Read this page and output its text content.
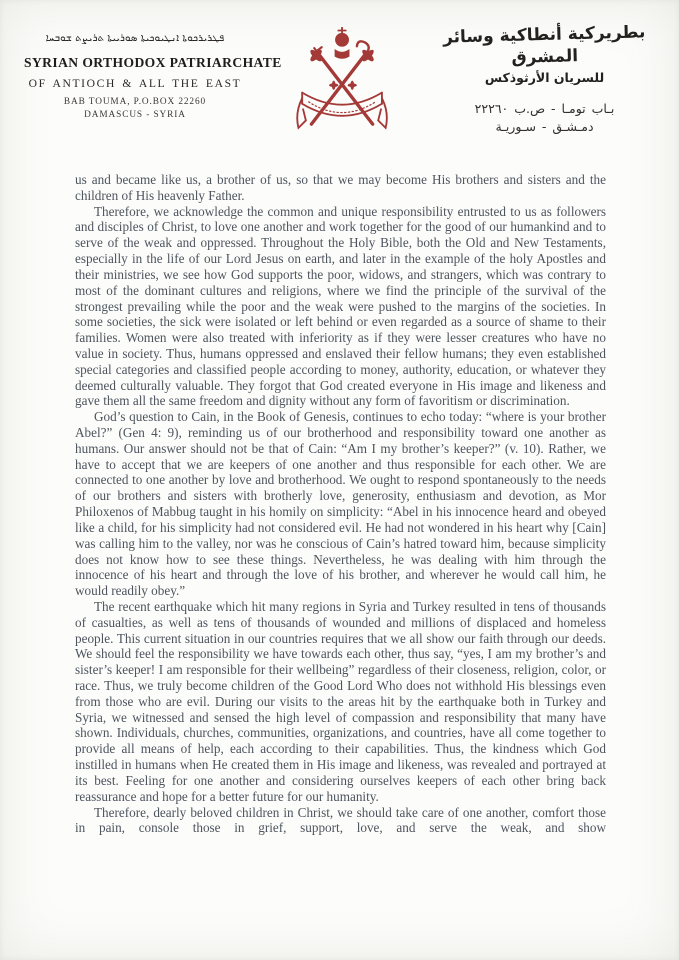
ܦܛܪܝܪܟܘܬܐ ܐܢܛܝܘܟܝܬܐ ܣܘܪܝܝܬܐ ܬܪܝܨܬ ܫܘܒܚܐ
SYRIAN ORTHODOX PATRIARCHATE
OF ANTIOCH & ALL THE EAST
BAB TOUMA, P.O.BOX 22260
DAMASCUS - SYRIA
بطريركية أنطاكية وسائر المشرق
للسريان الأرثوذكس
بـاب تومـا - ص.ب ٢٢٢٦٠
دمـشـق - سـوريـة

us and became like us, a brother of us, so that we may become His brothers and sisters and the children of His heavenly Father.

Therefore, we acknowledge the common and unique responsibility entrusted to us as followers and disciples of Christ, to love one another and work together for the good of our humankind and to serve of the weak and oppressed. Throughout the Holy Bible, both the Old and New Testaments, especially in the life of our Lord Jesus on earth, and later in the example of the holy Apostles and their ministries, we see how God supports the poor, widows, and strangers, which was contrary to most of the dominant cultures and religions, where we find the principle of the survival of the strongest prevailing while the poor and the weak were pushed to the margins of the societies. In some societies, the sick were isolated or left behind or even regarded as a source of shame to their families. Women were also treated with inferiority as if they were lesser creatures who have no value in society. Thus, humans oppressed and enslaved their fellow humans; they even established special categories and classified people according to money, authority, education, or whatever they deemed culturally valuable. They forgot that God created everyone in His image and likeness and gave them all the same freedom and dignity without any form of favoritism or discrimination.

God’s question to Cain, in the Book of Genesis, continues to echo today: “where is your brother Abel?” (Gen 4: 9), reminding us of our brotherhood and responsibility toward one another as humans. Our answer should not be that of Cain: “Am I my brother’s keeper?” (v. 10). Rather, we have to accept that we are keepers of one another and thus responsible for each other. We are connected to one another by love and brotherhood. We ought to respond spontaneously to the needs of our brothers and sisters with brotherly love, generosity, enthusiasm and devotion, as Mor Philoxenos of Mabbug taught in his homily on simplicity: “Abel in his innocence heard and obeyed like a child, for his simplicity had not considered evil. He had not wondered in his heart why [Cain] was calling him to the valley, nor was he conscious of Cain’s hatred toward him, because simplicity does not know how to see these things. Nevertheless, he was dealing with him through the innocence of his heart and through the love of his brother, and wherever he would call him, he would readily obey.”

The recent earthquake which hit many regions in Syria and Turkey resulted in tens of thousands of casualties, as well as tens of thousands of wounded and millions of displaced and homeless people. This current situation in our countries requires that we all show our faith through our deeds. We should feel the responsibility we have towards each other, thus say, “yes, I am my brother’s and sister’s keeper! I am responsible for their wellbeing” regardless of their closeness, religion, color, or race. Thus, we truly become children of the Good Lord Who does not withhold His blessings even from those who are evil. During our visits to the areas hit by the earthquake both in Turkey and Syria, we witnessed and sensed the high level of compassion and responsibility that many have shown. Individuals, churches, communities, organizations, and countries, have all come together to provide all means of help, each according to their capabilities. Thus, the kindness which God instilled in humans when He created them in His image and likeness, was revealed and portrayed at its best. Feeling for one another and considering ourselves keepers of each other bring back reassurance and hope for a better future for our humanity.

Therefore, dearly beloved children in Christ, we should take care of one another, comfort those in pain, console those in grief, support, love, and serve the weak, and show
